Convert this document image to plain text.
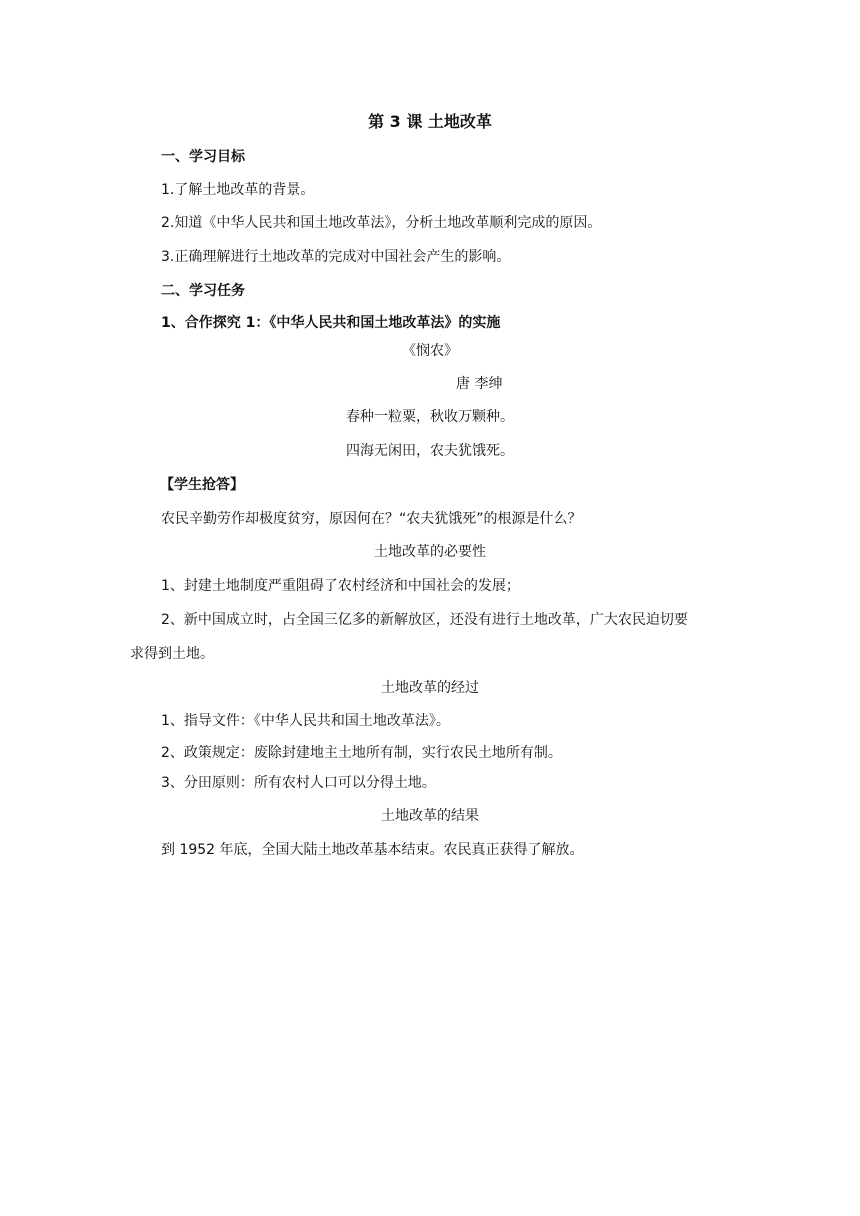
第 3 课 土地改革
一、学习目标
1.了解土地改革的背景。
2.知道《中华人民共和国土地改革法》，分析土地改革顺利完成的原因。
3.正确理解进行土地改革的完成对中国社会产生的影响。
二、学习任务
1、合作探究 1：《中华人民共和国土地改革法》的实施
《悯农》
唐 李绅
春种一粒粟，秋收万颗种。
四海无闲田，农夫犹饿死。
【学生抢答】
农民辛勤劳作却极度贫穷，原因何在？“农夫犹饿死”的根源是什么？
土地改革的必要性
1、封建土地制度严重阻碍了农村经济和中国社会的发展；
2、新中国成立时，占全国三亿多的新解放区，还没有进行土地改革，广大农民迫切要
求得到土地。
土地改革的经过
1、指导文件：《中华人民共和国土地改革法》。
2、政策规定：废除封建地主土地所有制，实行农民土地所有制。
3、分田原则：所有农村人口可以分得土地。
土地改革的结果
到 1952 年底，全国大陆土地改革基本结束。农民真正获得了解放。
